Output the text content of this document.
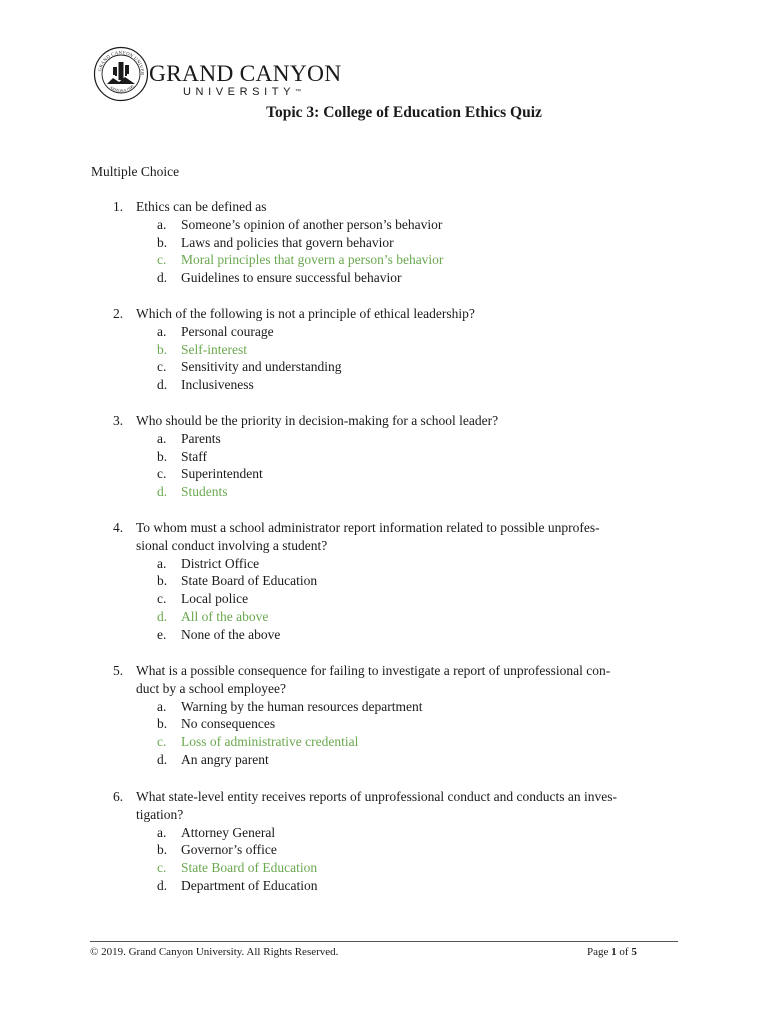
GRAND CANYON UNIVER
ARIZONA 1949 GRAND CANYON
UNIVERSITY™
Topic 3: College of Education Ethics Quiz

Multiple Choice

1. Ethics can be defined as

a.	Someone’s opinion of another person’s behavior
b.	Laws and policies that govern behavior
c.	Moral principles that govern a person’s behavior
d.	Guidelines to ensure successful behavior
2. Which of the following is not a principle of ethical leadership?

a.	Personal courage
b.	Self-interest
c.	Sensitivity and understanding
d.	Inclusiveness
3. Who should be the priority in decision-making for a school leader?

a.	Parents
b.	Staff
c.	Superintendent
d.	Students
4. To whom must a school administrator report information related to possible unprofes-
sional conduct involving a student?

a.	District Office
b.	State Board of Education
c.	Local police
d.	All of the above
e.	None of the above
5. What is a possible consequence for failing to investigate a report of unprofessional con-
duct by a school employee?

a.	Warning by the human resources department
b.	No consequences
c.	Loss of administrative credential
d.	An angry parent
6. What state-level entity receives reports of unprofessional conduct and conducts an inves-
tigation?

a.	Attorney General
b.	Governor’s office
c.	State Board of Education
d.	Department of Education
© 2019. Grand Canyon University. All Rights Reserved.	Page 1 of 5
